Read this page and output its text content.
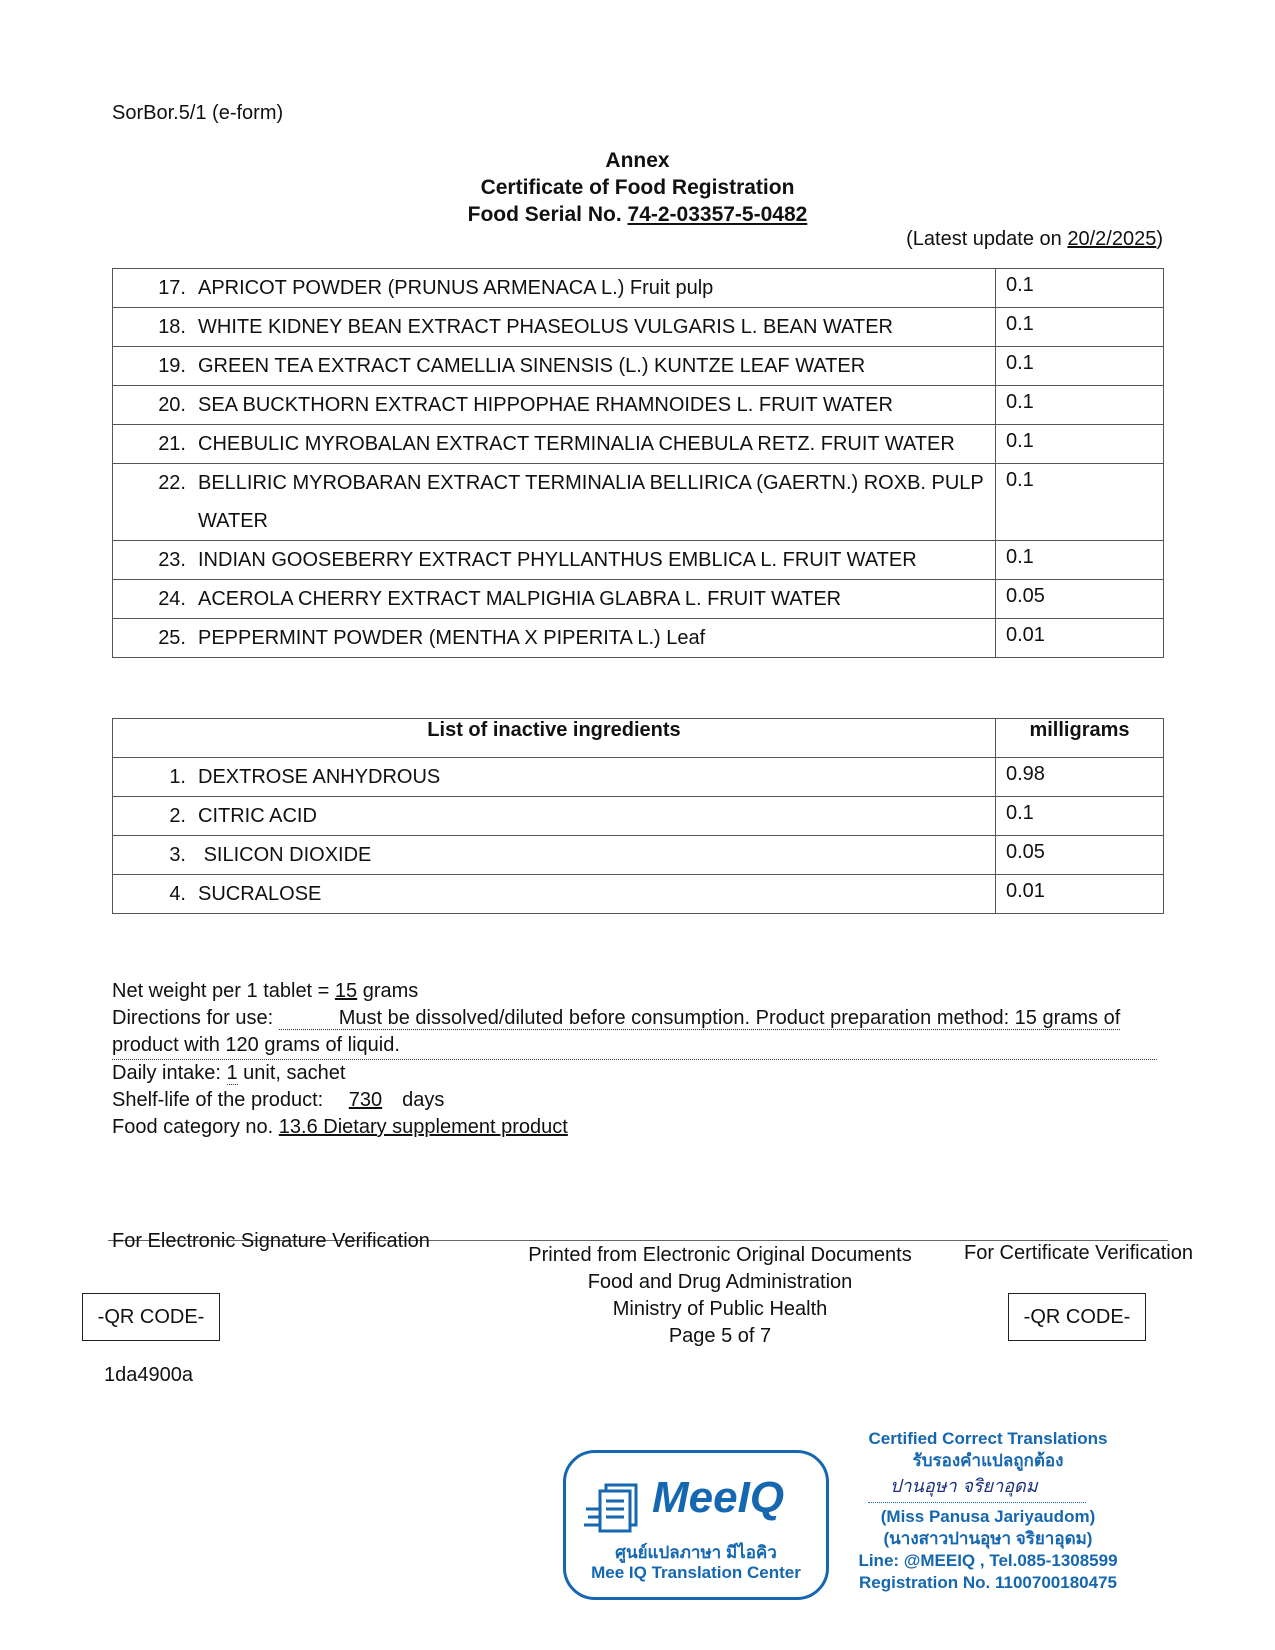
SorBor.5/1 (e-form)
Annex
Certificate of Food Registration
Food Serial No. 74-2-03357-5-0482
(Latest update on 20/2/2025)
17. APRICOT POWDER (PRUNUS ARMENACA L.) Fruit pulp	0.1

18. WHITE KIDNEY BEAN EXTRACT PHASEOLUS VULGARIS L. BEAN WATER	0.1

19. GREEN TEA EXTRACT CAMELLIA SINENSIS (L.) KUNTZE LEAF WATER	0.1

20. SEA BUCKTHORN EXTRACT HIPPOPHAE RHAMNOIDES L. FRUIT WATER	0.1

21. CHEBULIC MYROBALAN EXTRACT TERMINALIA CHEBULA RETZ. FRUIT WATER	0.1

22. BELLIRIC MYROBARAN EXTRACT TERMINALIA BELLIRICA (GAERTN.) ROXB. PULP WATER	0.1

23. INDIAN GOOSEBERRY EXTRACT PHYLLANTHUS EMBLICA L. FRUIT WATER	0.1

24. ACEROLA CHERRY EXTRACT MALPIGHIA GLABRA L. FRUIT WATER	0.05

25. PEPPERMINT POWDER (MENTHA X PIPERITA L.) Leaf	0.01
List of inactive ingredients	milligrams

1. DEXTROSE ANHYDROUS	0.98

2. CITRIC ACID	0.1

3. SILICON DIOXIDE	0.05

4. SUCRALOSE	0.01
Net weight per 1 tablet = 15 grams
Directions for use:	Must be dissolved/diluted before consumption. Product preparation method: 15 grams of
product with 120 grams of liquid.
Daily intake: 1 unit, sachet
Shelf-life of the product: 730 days
Food category no. 13.6 Dietary supplement product
For Electronic Signature Verification
Printed from Electronic Original Documents
Food and Drug Administration
Ministry of Public Health
Page 5 of 7
For Certificate Verification
-QR CODE-	-QR CODE-
1da4900a
MeeIQ
ศูนย์แปลภาษา มีไอคิว
Mee IQ Translation Center
Certified Correct Translations
รับรองคำแปลถูกต้อง
ปานอุษา จริยาอุดม
(Miss Panusa Jariyaudom)
(นางสาวปานอุษา จริยาอุดม)
Line: @MEEIQ , Tel.085-1308599
Registration No. 1100700180475
